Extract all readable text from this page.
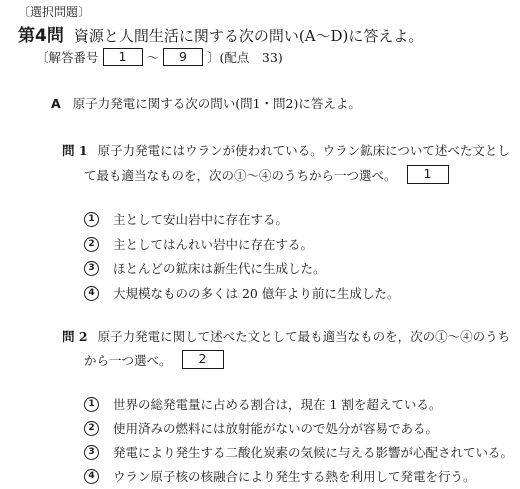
〔選択問題〕
第4問 資源と人間生活に関する次の問い(A～D)に答えよ。
〔解答番号	1	～	9	〕(配点　33)
A 原子力発電に関する次の問い(問1・問2)に答えよ。
問 1 原子力発電にはウランが使われている。ウラン鉱床について述べた文とし
て最も適当なものを，次の①～④のうちから一つ選べ。	1
1	主として安山岩中に存在する。
2	主としてはんれい岩中に存在する。
3	ほとんどの鉱床は新生代に生成した。
4	大規模なものの多くは 20 億年より前に生成した。
問 2 原子力発電に関して述べた文として最も適当なものを，次の①～④のうち
から一つ選べ。	2
1	世界の総発電量に占める割合は，現在 1 割を超えている。
2	使用済みの燃料には放射能がないので処分が容易である。
3	発電により発生する二酸化炭素の気候に与える影響が心配されている。
4	ウラン原子核の核融合により発生する熱を利用して発電を行う。
